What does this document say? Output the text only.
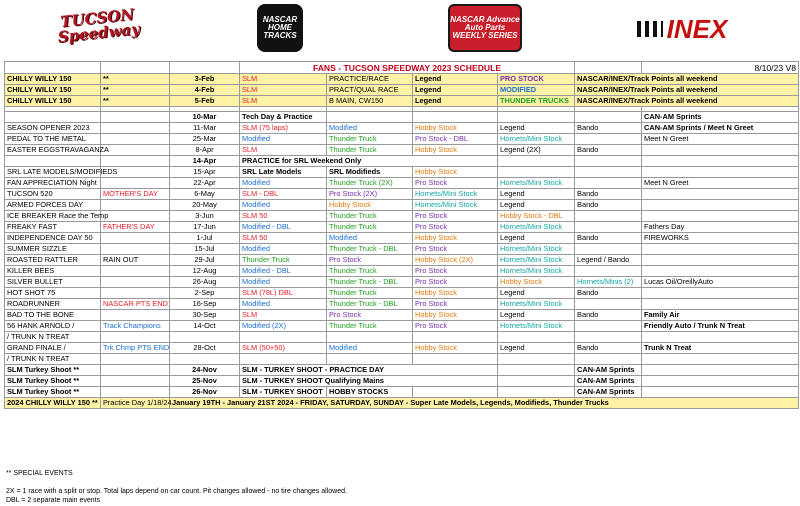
TUCSON Speedway
NASCAR HOME TRACKS
NASCAR Advance Auto Parts WEEKLY SERIES	INEX
			FANS - TUCSON SPEEDWAY 2023 SCHEDULE					8/10/23 V8
CHILLY WILLY 150	**	3-Feb	SLM	PRACTICE/RACE	Legend	PRO STOCK	NASCAR/INEX/Track Points all weekend	
CHILLY WILLY 150	**	4-Feb	SLM	PRACT/QUAL RACE	Legend	MODIFIED	NASCAR/INEX/Track Points all weekend	
CHILLY WILLY 150	**	5-Feb	SLM	B MAIN, CW150	Legend	THUNDER TRUCKS	NASCAR/INEX/Track Points all weekend	

		10-Mar	Tech Day & Practice					CAN-AM Sprints
SEASON OPENER 2023		11-Mar	SLM (75 laps)	Modified	Hobby Stock	Legend	Bando	CAN-AM Sprints / Meet N Greet
PEDAL TO THE METAL		25-Mar	Modified	Thunder Truck	Pro Stock - DBL	Hornets/Mini Stock		Meet N Greet
EASTER EGGSTRAVAGANZA		8-Apr	SLM	Thunder Truck	Hobby Stock	Legend (2X)	Bando	
		14-Apr	PRACTICE for SRL Weekend Only					
SRL LATE MODELS/MODIFIEDS		15-Apr	SRL Late Models	SRL Modifieds	Hobby Stock			
FAN APPRECIATION Night		22-Apr	Modified	Thunder Truck (2X)	Pro Stock	Hornets/Mini Stock		Meet N Greet
TUCSON 520	MOTHER'S DAY	6-May	SLM - DBL	Pro Stock (2X)	Hornets/Mini Stock	Legend	Bando	
ARMED FORCES DAY		20-May	Modified	Hobby Stock	Hornets/Mini Stock	Legend	Bando	
ICE BREAKER Race the Temp		3-Jun	SLM 50	Thunder Truck	Pro Stock	Hobby Stock - DBL		
FREAKY FAST	FATHER'S DAY	17-Jun	Modified - DBL	Thunder Truck	Pro Stock	Hornets/Mini Stock		Fathers Day
INDEPENDENCE DAY 50		1-Jul	SLM 50	Modified	Hobby Stock	Legend	Bando	FIREWORKS
SUMMER SIZZLE		15-Jul	Modified	Thunder Truck - DBL	Pro Stock	Hornets/Mini Stock		
ROASTED RATTLER	RAIN OUT	29-Jul	Thunder Truck	Pro Stock	Hobby Stock (2X)	Hornets/Mini Stock	Legend / Bando	
KILLER BEES		12-Aug	Modified - DBL	Thunder Truck	Pro Stock	Hornets/Mini Stock		
SILVER BULLET		26-Aug	Modified	Thunder Truck - DBL	Pro Stock	Hobby Stock	Hornets/Minis (2)	Lucas Oil/OreillyAuto
HOT SHOT 75		2-Sep	SLM (78L) DBL	Thunder Truck	Hobby Stock	Legend	Bando	
ROADRUNNER	NASCAR PTS END	16-Sep	Modified	Thunder Truck - DBL	Pro Stock	Hornets/Mini Stock		
BAD TO THE BONE		30-Sep	SLM	Pro Stock	Hobby Stock	Legend	Bando	Family Air
56 HANK ARNOLD /	Track Champions	14-Oct	Modified (2X)	Thunder Truck	Pro Stock	Hornets/Mini Stock		Friendly Auto / Trunk N Treat
/ TRUNK N TREAT								
GRAND FINALE /	Trk Chmp PTS END	28-Oct	SLM (50+50)	Modified	Hobby Stock	Legend	Bando	Trunk N Treat
/ TRUNK N TREAT								
SLM Turkey Shoot **		24-Nov	SLM - TURKEY SHOOT - PRACTICE DAY				CAN-AM Sprints	
SLM Turkey Shoot **		25-Nov	SLM - TURKEY SHOOT Qualifying Mains				CAN-AM Sprints	
SLM Turkey Shoot **		26-Nov	SLM - TURKEY SHOOT	HOBBY STOCKS			CAN-AM Sprints	
2024 CHILLY WILLY 150 **	Practice Day 1/18/24	January 19TH - January 21ST 2024 - FRIDAY, SATURDAY, SUNDAY - Super Late Models, Legends, Modifieds, Thunder Trucks						
** SPECIAL EVENTS
2X = 1 race with a split or stop. Total laps depend on car count. Pit changes allowed - no tire changes allowed.
DBL = 2 separate main events
